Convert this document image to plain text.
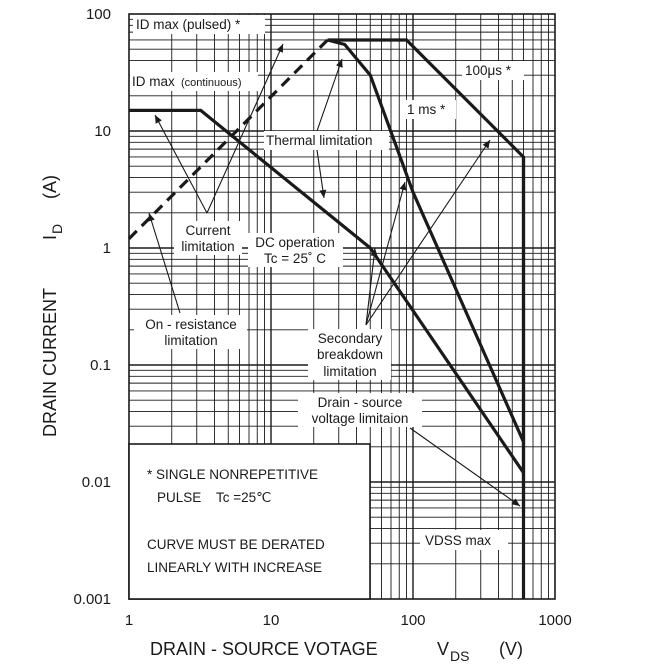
ID max (pulsed) *
ID max (continuous)
100μs *
1 ms *
Thermal limitation
Current
limitation DC operation
Tc = 25˚ C
On - resistance
limitation	Secondary
breakdown
limitation
Drain - source
voltage limitaion
VDSS max
* SINGLE NONREPETITIVE
PULSE    Tc =25℃
CURVE MUST BE DERATED
LINEARLY WITH INCREASE
0.001
0.01
0.1
1
10
100
1	10	100	1000
DRAIN - SOURCE VOTAGE	V DS (V)
DRAIN CURRENT
I
D
(A)
